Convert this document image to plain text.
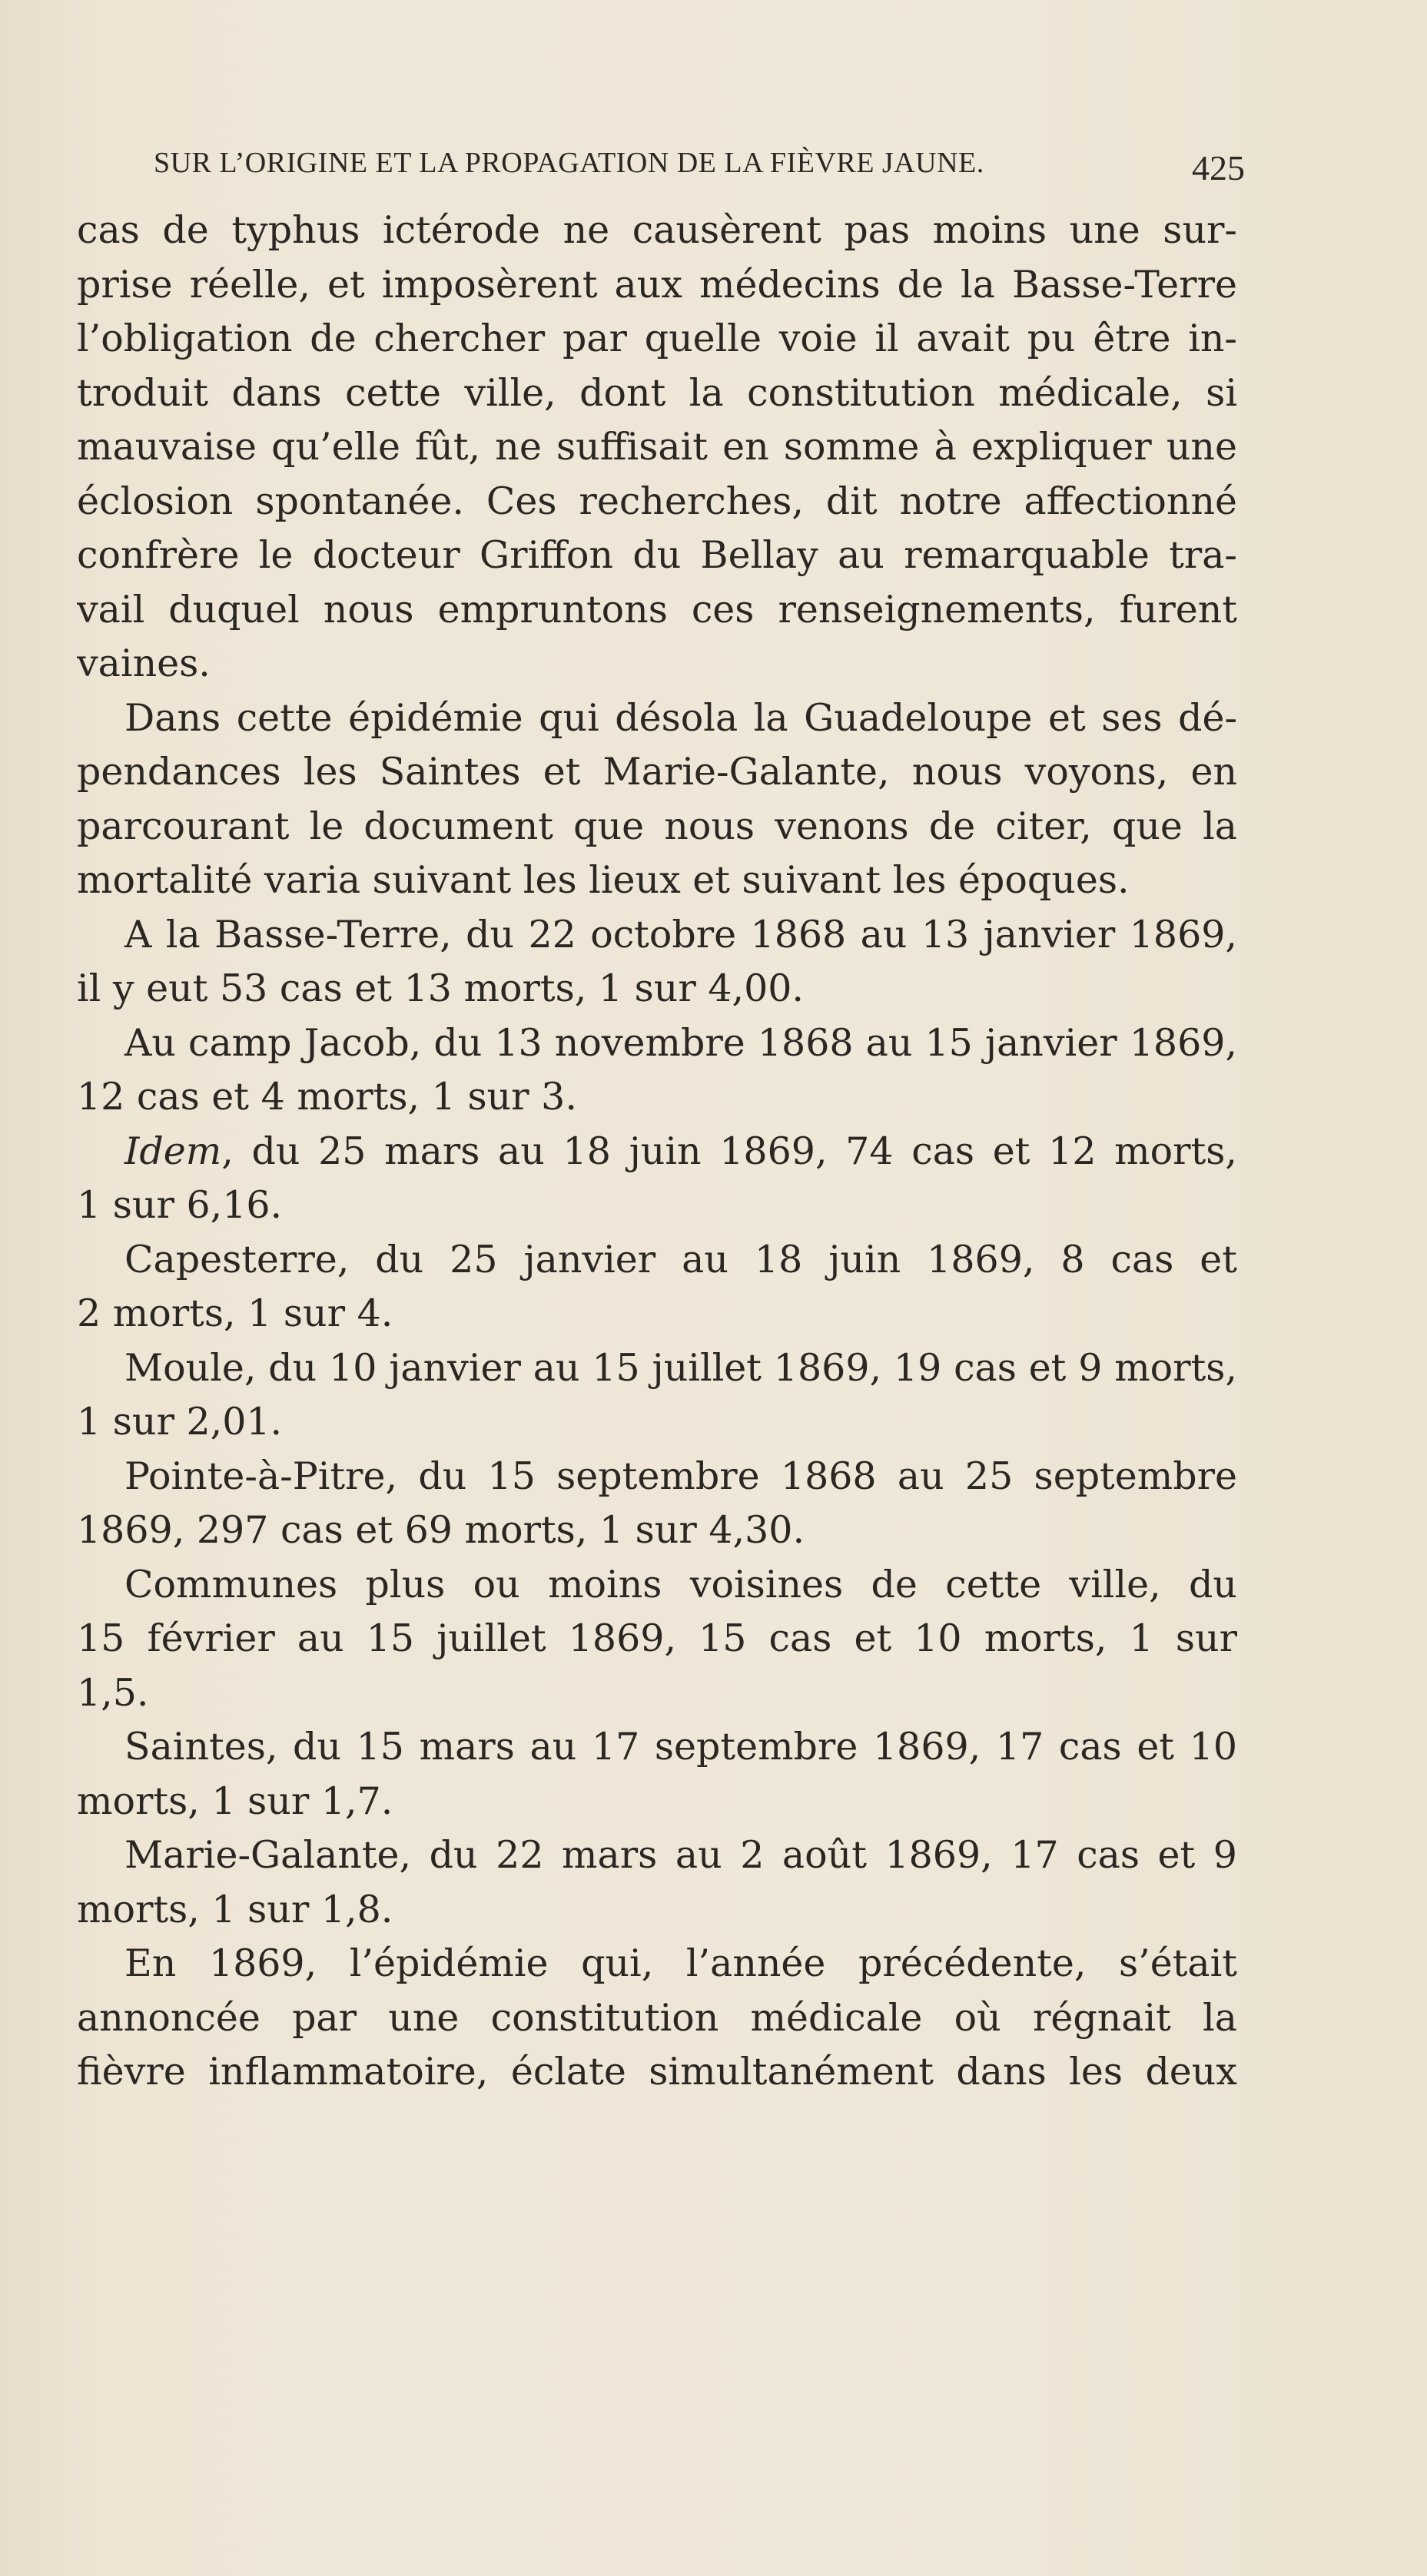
SUR L’ORIGINE ET LA PROPAGATION DE LA FIÈVRE JAUNE.	425
cas de typhus ictérode ne causèrent pas moins une sur-
prise réelle, et imposèrent aux médecins de la Basse-Terre
l’obligation de chercher par quelle voie il avait pu être in-
troduit dans cette ville, dont la constitution médicale, si
mauvaise qu’elle fût, ne suffisait en somme à expliquer une
éclosion spontanée. Ces recherches, dit notre affectionné
confrère le docteur Griffon du Bellay au remarquable tra-
vail duquel nous empruntons ces renseignements, furent
vaines.
Dans cette épidémie qui désola la Guadeloupe et ses dé-
pendances les Saintes et Marie-Galante, nous voyons, en
parcourant le document que nous venons de citer, que la
mortalité varia suivant les lieux et suivant les époques.
A la Basse-Terre, du 22 octobre 1868 au 13 janvier 1869,
il y eut 53 cas et 13 morts, 1 sur 4,00.
Au camp Jacob, du 13 novembre 1868 au 15 janvier 1869,
12 cas et 4 morts, 1 sur 3.
Idem, du 25 mars au 18 juin 1869, 74 cas et 12 morts,
1 sur 6,16.
Capesterre, du 25 janvier au 18 juin 1869, 8 cas et
2 morts, 1 sur 4.
Moule, du 10 janvier au 15 juillet 1869, 19 cas et 9 morts,
1 sur 2,01.
Pointe-à-Pitre, du 15 septembre 1868 au 25 septembre
1869, 297 cas et 69 morts, 1 sur 4,30.
Communes plus ou moins voisines de cette ville, du
15 février au 15 juillet 1869, 15 cas et 10 morts, 1 sur
1,5.
Saintes, du 15 mars au 17 septembre 1869, 17 cas et 10
morts, 1 sur 1,7.
Marie-Galante, du 22 mars au 2 août 1869, 17 cas et 9
morts, 1 sur 1,8.
En 1869, l’épidémie qui, l’année précédente, s’était
annoncée par une constitution médicale où régnait la
fièvre inflammatoire, éclate simultanément dans les deux
